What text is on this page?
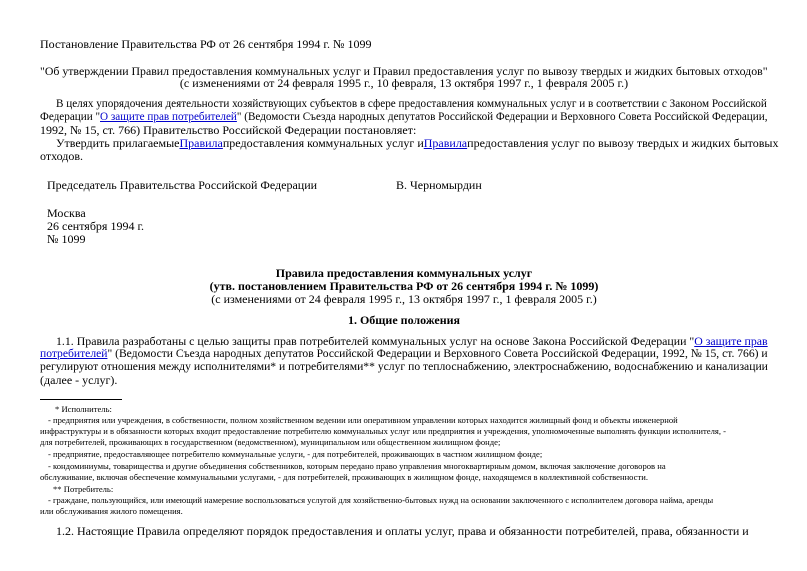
Постановление Правительства РФ от 26 сентября 1994 г. № 1099
"Об утверждении Правил предоставления коммунальных услуг и Правил предоставления услуг по вывозу твердых и жидких бытовых отходов"
(с изменениями от 24 февраля 1995 г., 10 февраля, 13 октября 1997 г., 1 февраля 2005 г.)
В целях упорядочения деятельности хозяйствующих субъектов в сфере предоставления коммунальных услуг и в соответствии с Законом Российской
Федерации "О защите прав потребителей" (Ведомости Съезда народных депутатов Российской Федерации и Верховного Совета Российской Федерации,
1992, № 15, ст. 766) Правительство Российской Федерации постановляет:
Утвердить прилагаемые Правила предоставления коммунальных услуг и Правила предоставления услуг по вывозу твердых и жидких бытовых
отходов.
Председатель Правительства Российской Федерации	В. Черномырдин
Москва
26 сентября 1994 г.
№ 1099
Правила предоставления коммунальных услуг
(утв. постановлением Правительства РФ от 26 сентября 1994 г. № 1099)
(с изменениями от 24 февраля 1995 г., 13 октября 1997 г., 1 февраля 2005 г.)
1. Общие положения
1.1. Правила разработаны с целью защиты прав потребителей коммунальных услуг на основе Закона Российской Федерации "О защите прав
потребителей" (Ведомости Съезда народных депутатов Российской Федерации и Верховного Совета Российской Федерации, 1992, № 15, ст. 766) и
регулируют отношения между исполнителями* и потребителями** услуг по теплоснабжению, электроснабжению, водоснабжению и канализации
(далее - услуг).
* Исполнитель:
- предприятия или учреждения, в собственности, полном хозяйственном ведении или оперативном управлении которых находится жилищный фонд и объекты инженерной
инфраструктуры и в обязанности которых входит предоставление потребителю коммунальных услуг или предприятия и учреждения, уполномоченные выполнять функции исполнителя, -
для потребителей, проживающих в государственном (ведомственном), муниципальном или общественном жилищном фонде;
- предприятие, предоставляющее потребителю коммунальные услуги, - для потребителей, проживающих в частном жилищном фонде;
- кондоминиумы, товарищества и другие объединения собственников, которым передано право управления многоквартирным домом, включая заключение договоров на
обслуживание, включая обеспечение коммунальными услугами, - для потребителей, проживающих в жилищном фонде, находящемся в коллективной собственности.
** Потребитель:
- граждане, пользующийся, или имеющий намерение воспользоваться услугой для хозяйственно-бытовых нужд на основании заключенного с исполнителем договора найма, аренды
или обслуживания жилого помещения.
1.2. Настоящие Правила определяют порядок предоставления и оплаты услуг, права и обязанности потребителей, права, обязанности и
